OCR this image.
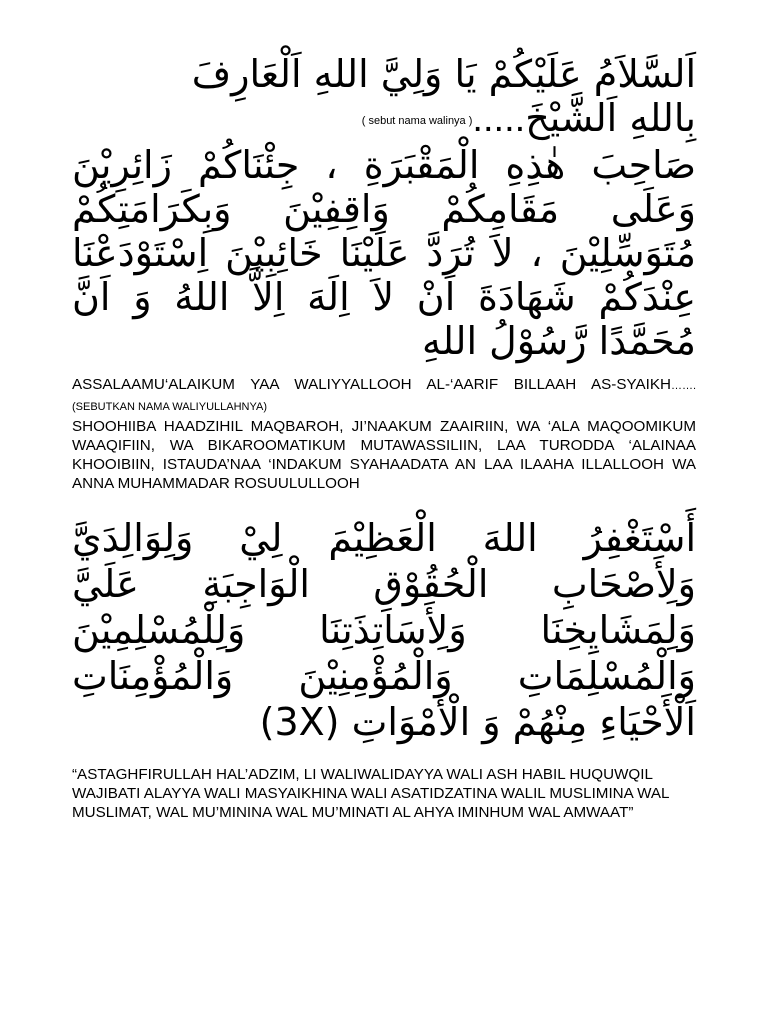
اَلسَّلاَمُ عَلَيْكُمْ يَا وَلِيَّ اللهِ اَلْعَارِفَ
بِاللهِ اَلشَّيْخَ.....( sebut nama walinya )
صَاحِبَ هٰذِهِ الْمَقْبَرَةِ ، جِئْنَاكُمْ زَائِرِيْنَ وَعَلَى مَقَامِكُمْ وَاقِفِيْنَ وَبِكَرَامَتِكُمْ مُتَوَسِّلِيْنَ ، لاَ تُرَدَّ عَلَيْنَا خَائِبِيْنَ اِسْتَوْدَعْنَا عِنْدَكُمْ شَهَادَةَ اَنْ لاَ اِلَهَ اِلاَّ اللهُ وَ اَنَّ مُحَمَّدًا رَّسُوْلُ اللهِ

ASSALAAMU‘ALAIKUM YAA WALIYYALLOOH AL-‘AARIF BILLAAH AS-SYAIKH……. (SEBUTKAN NAMA WALIYULLAHNYA)
SHOOHIIBA HAADZIHIL MAQBAROH, JI’NAAKUM ZAAIRIIN, WA ‘ALA MAQOOMIKUM WAAQIFIIN, WA BIKAROOMATIKUM MUTAWASSILIIN, LAA TURODDA ‘ALAINAA KHOOIBIIN, ISTAUDA’NAA ‘INDAKUM SYAHAADATA AN LAA ILAAHA ILLALLOOH WA ANNA MUHAMMADAR ROSUULULLOOH

أَسْتَغْفِرُ اللهَ الْعَظِيْمَ لِيْ وَلِوَالِدَيَّ وَلِأَصْحَابِ الْحُقُوْقِ الْوَاجِبَةِ عَلَيَّ وَلِمَشَايِخِنَا وَلِأَسَاتِذَتِنَا وَلِلْمُسْلِمِيْنَ وَالْمُسْلِمَاتِ وَالْمُؤْمِنِيْنَ وَالْمُؤْمِنَاتِ اَلْأَحْيَاءِ مِنْهُمْ وَ الْأَمْوَاتِ (3X)

“ASTAGHFIRULLAH HAL’ADZIM, LI WALIWALIDAYYA WALI ASH HABIL HUQUWQIL WAJIBATI ALAYYA WALI MASYAIKHINA WALI ASATIDZATINA WALIL MUSLIMINA WAL MUSLIMAT, WAL MU’MININA WAL MU’MINATI AL AHYA IMINHUM WAL AMWAAT”
